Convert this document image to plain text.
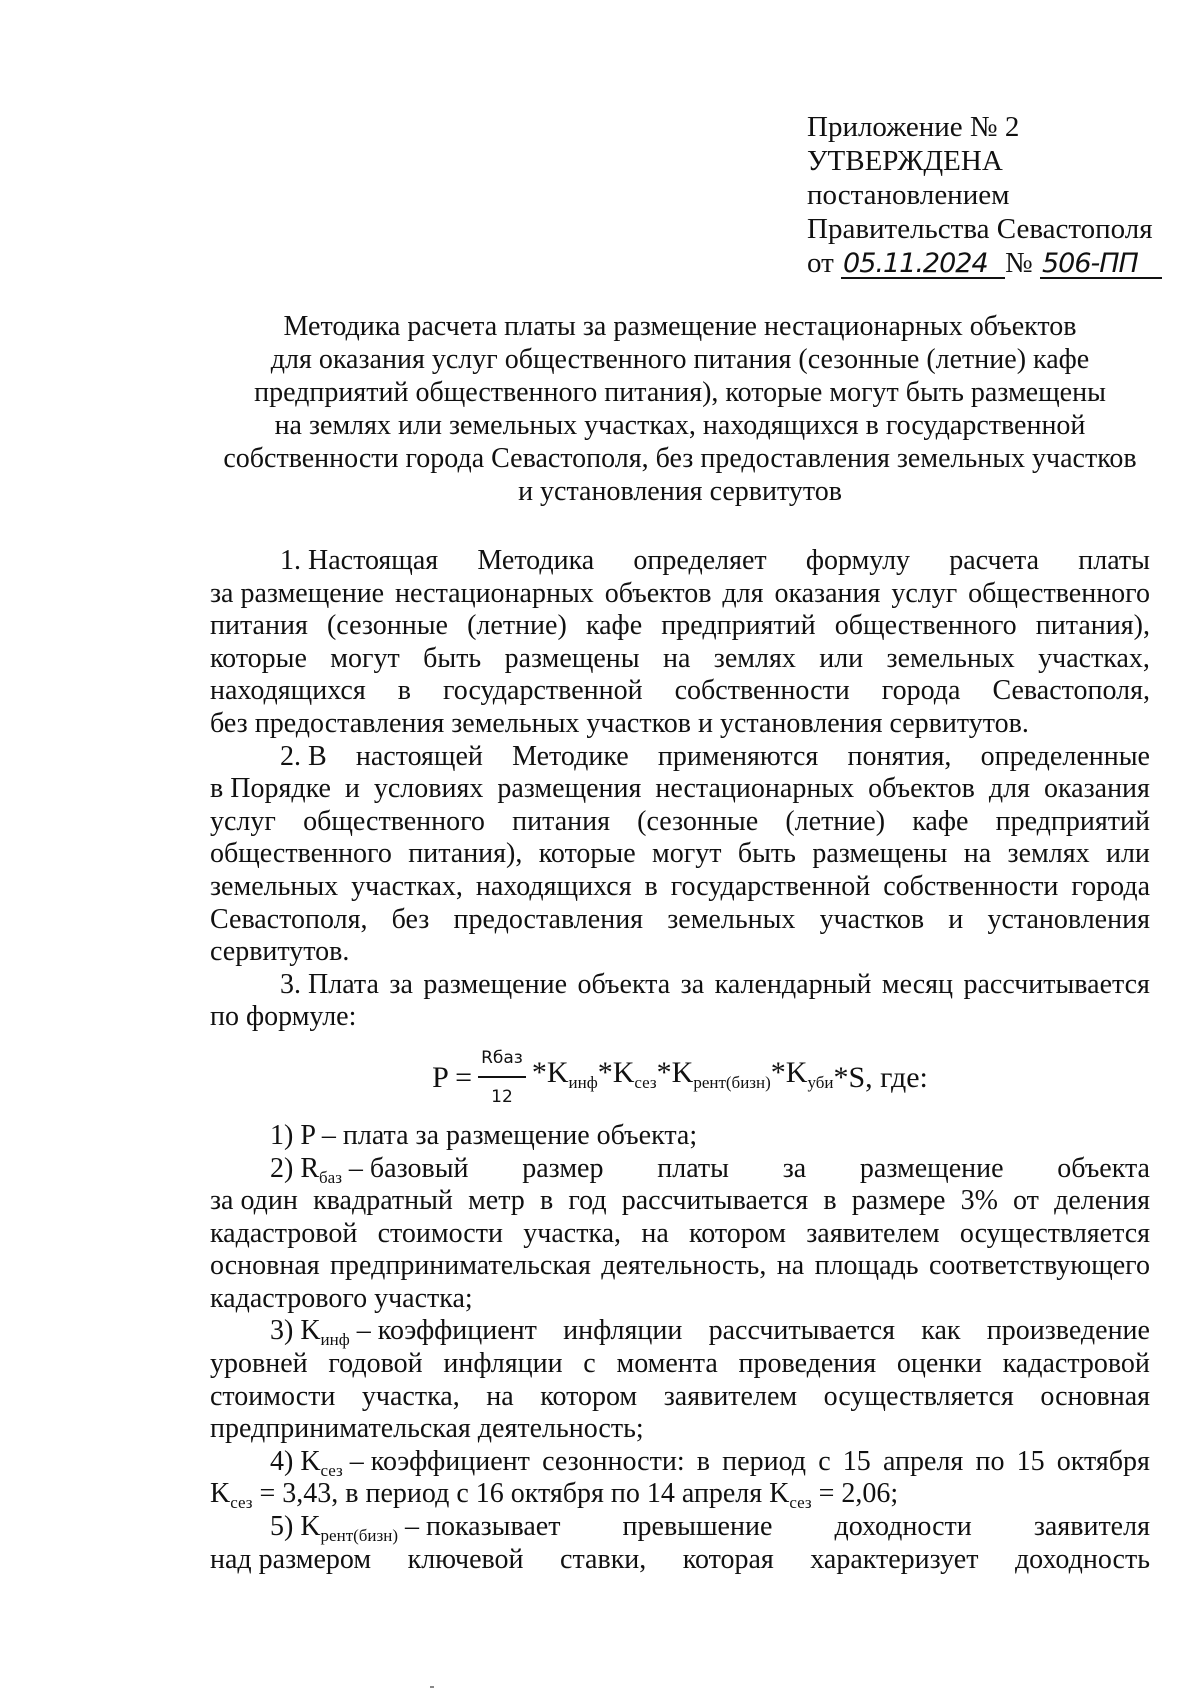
Приложение № 2
УТВЕРЖДЕНА
постановлением
Правительства Севастополя
от 05.11.2024 № 506-ПП
Методика расчета платы за размещение нестационарных объектов
для оказания услуг общественного питания (сезонные (летние) кафе
предприятий общественного питания), которые могут быть размещены
на землях или земельных участках, находящихся в государственной
собственности города Севастополя, без предоставления земельных участков
и установления сервитутов
1. Настоящая Методика определяет формулу расчета платы
за размещение нестационарных объектов для оказания услуг общественного
питания (сезонные (летние) кафе предприятий общественного питания),
которые могут быть размещены на землях или земельных участках,
находящихся в государственной собственности города Севастополя,
без предоставления земельных участков и установления сервитутов.
2. В настоящей Методике применяются понятия, определенные
в Порядке и условиях размещения нестационарных объектов для оказания
услуг общественного питания (сезонные (летние) кафе предприятий
общественного питания), которые могут быть размещены на землях или
земельных участках, находящихся в государственной собственности города
Севастополя, без предоставления земельных участков и установления
сервитутов.
3. Плата за размещение объекта за календарный месяц рассчитывается
по формуле:
$P = \frac{\text{Rбаз}}{12} *K_{инф}$ $*K_{сез}$ $*K_{рент(бизн)}$ $*K_{уби}$ *S, где:
1) P – плата за размещение объекта;
2) $R_{баз}$ – базовый размер платы за размещение объекта
за один квадратный метр в год рассчитывается в размере 3% от деления
кадастровой стоимости участка, на котором заявителем осуществляется
основная предпринимательская деятельность, на площадь соответствующего
кадастрового участка;
3) $K_{инф}$ – коэффициент инфляции рассчитывается как произведение
уровней годовой инфляции с момента проведения оценки кадастровой
стоимости участка, на котором заявителем осуществляется основная
предпринимательская деятельность;
4) $K_{сез}$ – коэффициент сезонности: в период с 15 апреля по 15 октября
$K_{сез} = 3,43$, в период с 16 октября по 14 апреля $K_{сез} = 2,06$;
5) $K_{рент(бизн)}$ – показывает превышение доходности заявителя
над размером ключевой ставки, которая характеризует доходность
